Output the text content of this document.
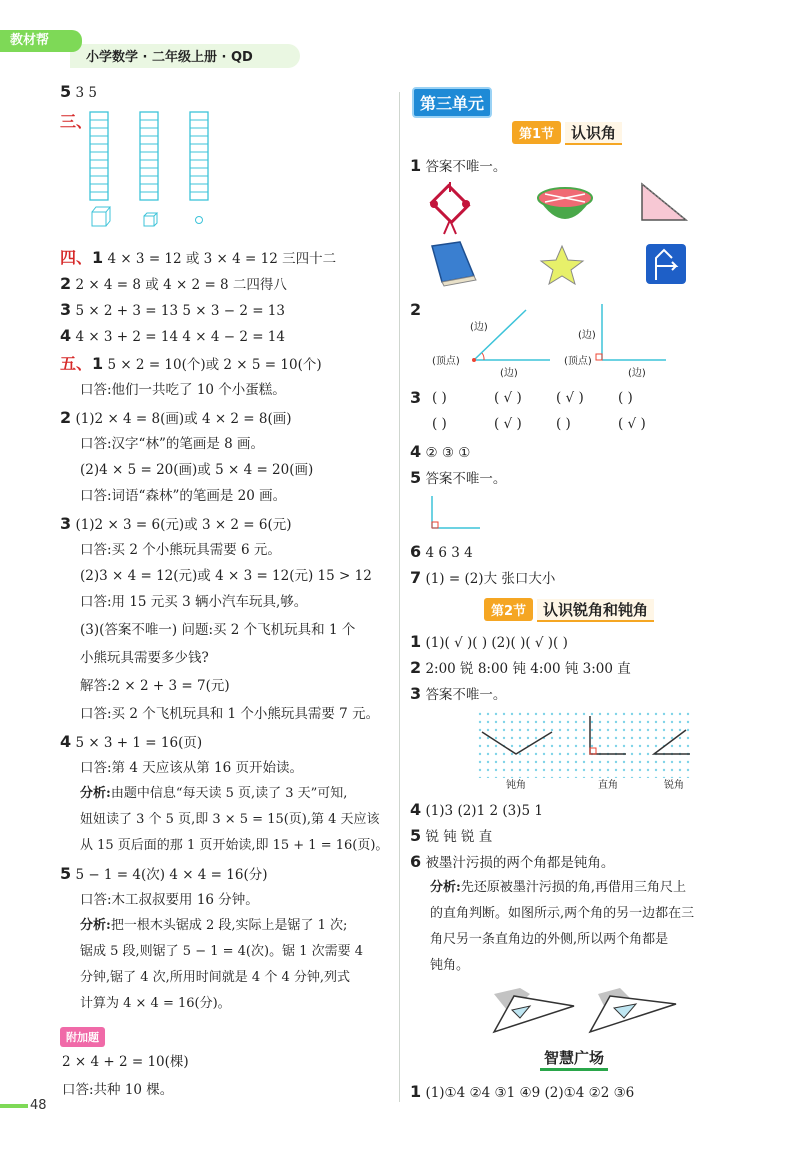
教材帮
小学数学 · 二年级上册 · QD
5 3 5
三、
四、1 4 × 3 = 12 或 3 × 4 = 12 三四十二
2 2 × 4 = 8 或 4 × 2 = 8 二四得八
3 5 × 2 + 3 = 13 5 × 3 − 2 = 13
4 4 × 3 + 2 = 14 4 × 4 − 2 = 14
五、1 5 × 2 = 10(个)或 2 × 5 = 10(个)
口答:他们一共吃了 10 个小蛋糕。
2 (1)2 × 4 = 8(画)或 4 × 2 = 8(画)
口答:汉字“林”的笔画是 8 画。
(2)4 × 5 = 20(画)或 5 × 4 = 20(画)
口答:词语“森林”的笔画是 20 画。
3 (1)2 × 3 = 6(元)或 3 × 2 = 6(元)
口答:买 2 个小熊玩具需要 6 元。
(2)3 × 4 = 12(元)或 4 × 3 = 12(元) 15 > 12
口答:用 15 元买 3 辆小汽车玩具,够。
(3)(答案不唯一) 问题:买 2 个飞机玩具和 1 个
小熊玩具需要多少钱?
解答:2 × 2 + 3 = 7(元)
口答:买 2 个飞机玩具和 1 个小熊玩具需要 7 元。
4 5 × 3 + 1 = 16(页)
口答:第 4 天应该从第 16 页开始读。
分析:由题中信息“每天读 5 页,读了 3 天”可知,
妞妞读了 3 个 5 页,即 3 × 5 = 15(页),第 4 天应该
从 15 页后面的那 1 页开始读,即 15 + 1 = 16(页)。
5 5 − 1 = 4(次) 4 × 4 = 16(分)
口答:木工叔叔要用 16 分钟。
分析:把一根木头锯成 2 段,实际上是锯了 1 次;
锯成 5 段,则锯了 5 − 1 = 4(次)。锯 1 次需要 4
分钟,锯了 4 次,所用时间就是 4 个 4 分钟,列式
计算为 4 × 4 = 16(分)。
附加题
2 × 4 + 2 = 10(棵)
口答:共种 10 棵。
48
第三单元
第1节 认识角
1 答案不唯一。
2
(边)
(顶点)
(边)
(边)
(顶点)
(边)
3 ( )	( √ )	( √ )	( )
( )	( √ )	( )	( √ )
4 ② ③ ①
5 答案不唯一。
6 4 6 3 4
7 (1) = (2)大 张口大小
第2节 认识锐角和钝角
1 (1)( √ )( ) (2)( )( √ )( )
2 2:00 锐 8:00 钝 4:00 钝 3:00 直
3 答案不唯一。
钝角	直角	锐角
4 (1)3 (2)1 2 (3)5 1
5 锐 钝 锐 直
6 被墨汁污损的两个角都是钝角。
分析:先还原被墨汁污损的角,再借用三角尺上
的直角判断。如图所示,两个角的另一边都在三
角尺另一条直角边的外侧,所以两个角都是
钝角。
智慧广场
1 (1)①4 ②4 ③1 ④9 (2)①4 ②2 ③6
